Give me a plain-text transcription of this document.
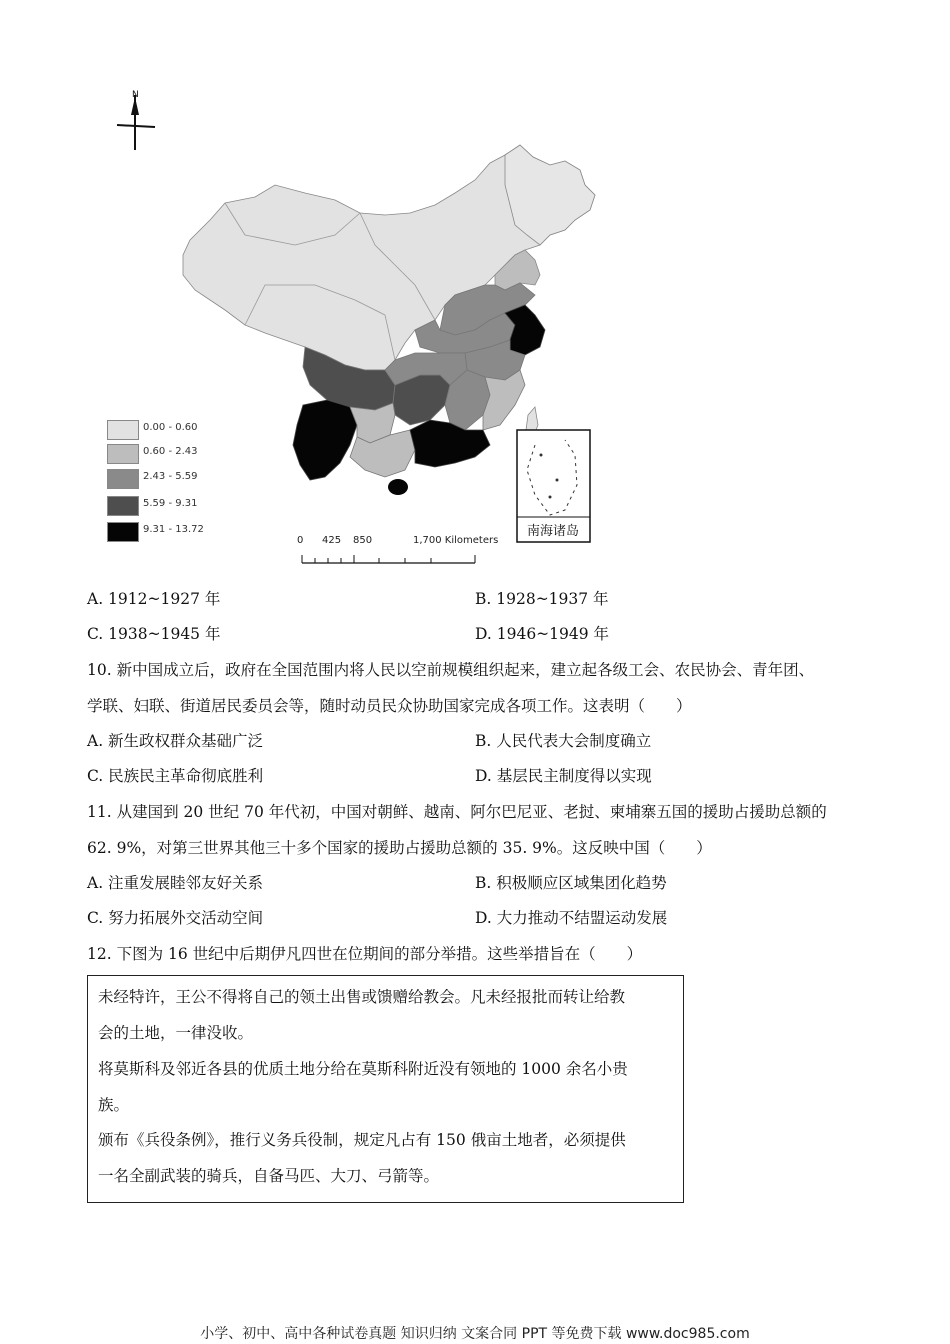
N
南海诸岛
0.00 - 0.60
0.60 - 2.43
2.43 - 5.59
5.59 - 9.31
9.31 - 13.72
0 425 850	1,700 Kilometers
A. 1912~1927 年	B. 1928~1937 年
C. 1938~1945 年	D. 1946~1949 年
10. 新中国成立后，政府在全国范围内将人民以空前规模组织起来，建立起各级工会、农民协会、青年团、
学联、妇联、街道居民委员会等，随时动员民众协助国家完成各项工作。这表明（　　）
A. 新生政权群众基础广泛	B. 人民代表大会制度确立
C. 民族民主革命彻底胜利	D. 基层民主制度得以实现
11. 从建国到 20 世纪 70 年代初，中国对朝鲜、越南、阿尔巴尼亚、老挝、柬埔寨五国的援助占援助总额的
62. 9%，对第三世界其他三十多个国家的援助占援助总额的 35. 9%。这反映中国（　　）
A. 注重发展睦邻友好关系	B. 积极顺应区域集团化趋势
C. 努力拓展外交活动空间	D. 大力推动不结盟运动发展
12. 下图为 16 世纪中后期伊凡四世在位期间的部分举措。这些举措旨在（　　）
未经特许，王公不得将自己的领土出售或馈赠给教会。凡未经报批而转让给教
会的土地，一律没收。
将莫斯科及邻近各县的优质土地分给在莫斯科附近没有领地的 1000 余名小贵
族。
颁布《兵役条例》，推行义务兵役制，规定凡占有 150 俄亩土地者，必须提供
一名全副武装的骑兵，自备马匹、大刀、弓箭等。
小学、初中、高中各种试卷真题 知识归纳 文案合同 PPT 等免费下载 www.doc985.com
